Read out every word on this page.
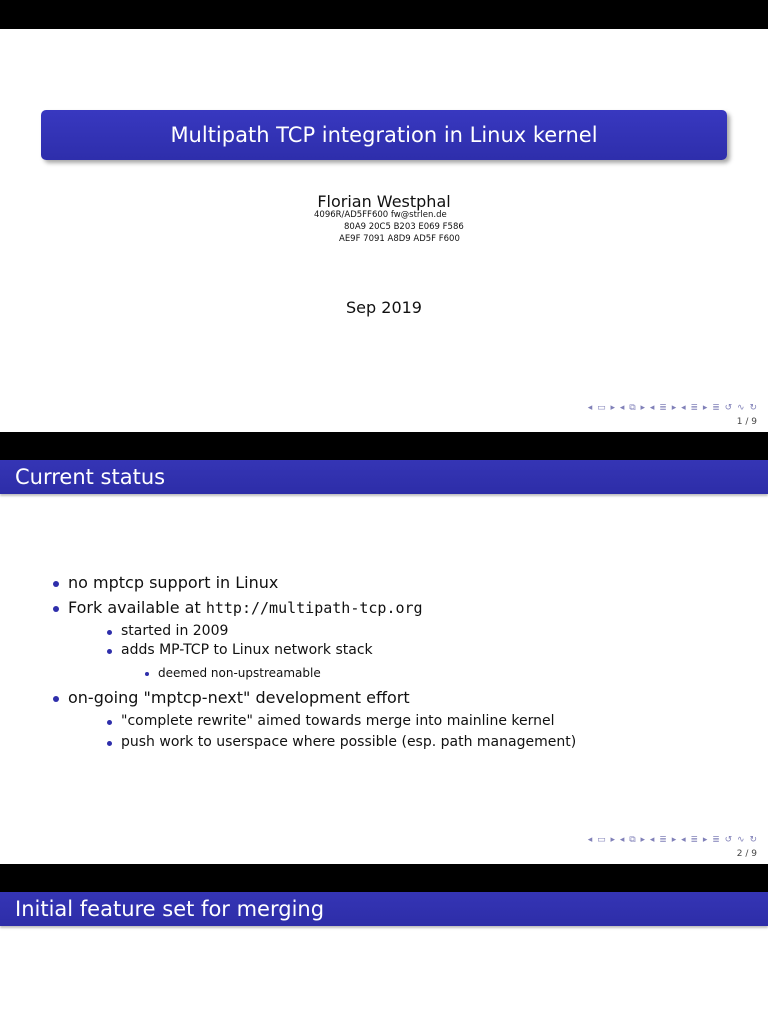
Multipath TCP integration in Linux kernel
Florian Westphal
4096R/AD5FF600 fw@strlen.de
80A9 20C5 B203 E069 F586
AE9F 7091 A8D9 AD5F F600
Sep 2019
◂ ▭ ▸ ◂ ⧉ ▸ ◂ ≣ ▸ ◂ ≣ ▸ ≣ ↺ ∿ ↻
1 / 9
Current status
no mptcp support in Linux
Fork available at http://multipath-tcp.org
started in 2009
adds MP-TCP to Linux network stack
deemed non-upstreamable
on-going "mptcp-next" development effort
"complete rewrite" aimed towards merge into mainline kernel
push work to userspace where possible (esp. path management)
◂ ▭ ▸ ◂ ⧉ ▸ ◂ ≣ ▸ ◂ ≣ ▸ ≣ ↺ ∿ ↻
2 / 9
Initial feature set for merging
